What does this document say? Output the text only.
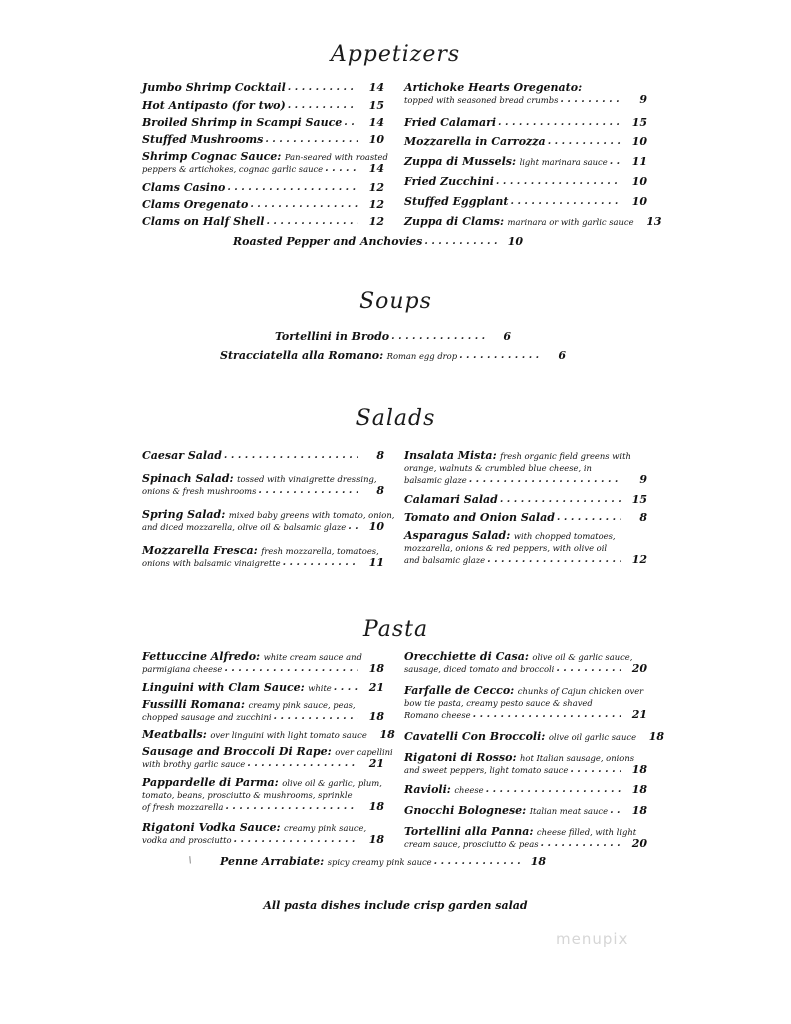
Appetizers
Soups
Salads
Pasta
Jumbo Shrimp Cocktail . . .	14
Hot Antipasto (for two) . . .	15
Broiled Shrimp in Scampi Sauce . . .	14
Stuffed Mushrooms . . .	10
Shrimp Cognac Sauce:
Pan-seared with roasted
peppers & artichokes, cognac garlic sauce . . .	14
Clams Casino . . .	12
Clams Oregenato . . .	12
Clams on Half Shell . . .	12
Artichoke Hearts Oregenato:
topped with seasoned bread crumbs . . .	9
Fried Calamari . . .	15
Mozzarella in Carrozza . . .	10
Zuppa di Mussels:
light marinara sauce . . .	11
Fried Zucchini . . .	10
Stuffed Eggplant . . .	10
Zuppa di Clams:
marinara or with garlic sauce	13
Roasted Pepper and Anchovies . . .	10
Tortellini in Brodo . . .	6
Stracciatella alla Romano:
Roman egg drop . . .	6
Caesar Salad . . .	8
Spinach Salad:
tossed with vinaigrette dressing,
onions & fresh mushrooms . . .	8
Spring Salad:
mixed baby greens with tomato, onion,
and diced mozzarella, olive oil & balsamic glaze . . .	10
Mozzarella Fresca:
fresh mozzarella, tomatoes,
onions with balsamic vinaigrette . . .	11
Insalata Mista:
fresh organic field greens with
orange, walnuts & crumbled blue cheese, in
balsamic glaze . . .	9
Calamari Salad . . .	15
Tomato and Onion Salad . . .	8
Asparagus Salad:
with chopped tomatoes,
mozzarella, onions & red peppers, with olive oil
and balsamic glaze . . .	12
Fettuccine Alfredo:
white cream sauce and
parmigiana cheese . . .	18
Linguini with Clam Sauce:
white . . .	21
Fussilli Romana:
creamy pink sauce, peas,
chopped sausage and zucchini . . .	18
Meatballs:
over linguini with light tomato sauce	18
Sausage and Broccoli Di Rape:
over capellini
with brothy garlic sauce . . .	21
Pappardelle di Parma:
olive oil & garlic, plum,
tomato, beans, prosciutto & mushrooms, sprinkle
of fresh mozzarella . . .	18
Rigatoni Vodka Sauce:
creamy pink sauce,
vodka and prosciutto . . .	18
Orecchiette di Casa:
olive oil & garlic sauce,
sausage, diced tomato and broccoli . . .	20
Farfalle de Cecco:
chunks of Cajun chicken over
bow tie pasta, creamy pesto sauce & shaved
Romano cheese . . .	21
Cavatelli Con Broccoli:
olive oil garlic sauce	18
Rigatoni di Rosso:
hot Italian sausage, onions
and sweet peppers, light tomato sauce . . .	18
Ravioli:
cheese . . .	18
Gnocchi Bolognese:
Italian meat sauce . . .	18
Tortellini alla Panna:
cheese filled, with light
cream sauce, prosciutto & peas . . .	20
∖	Penne Arrabiate:
spicy creamy pink sauce . . .	18
All pasta dishes include crisp garden salad
menupix
